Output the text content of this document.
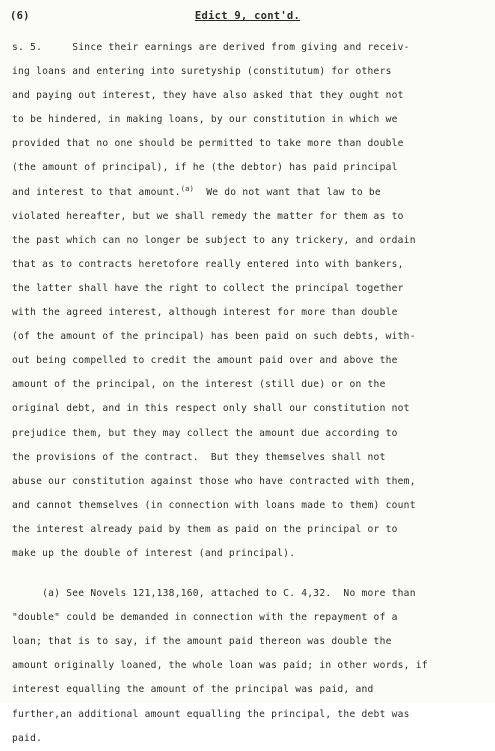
(6)	Edict 9, cont'd.
s. 5.     Since their earnings are derived from giving and receiv-
ing loans and entering into suretyship (constitutum) for others
and paying out interest, they have also asked that they ought not
to be hindered, in making loans, by our constitution in which we
provided that no one should be permitted to take more than double
(the amount of principal), if he (the debtor) has paid principal
and interest to that amount.$^{(a)}$  We do not want that law to be
violated hereafter, but we shall remedy the matter for them as to
the past which can no longer be subject to any trickery, and ordain
that as to contracts heretofore really entered into with bankers,
the latter shall have the right to collect the principal together
with the agreed interest, although interest for more than double
(of the amount of the principal) has been paid on such debts, with-
out being compelled to credit the amount paid over and above the
amount of the principal, on the interest (still due) or on the
original debt, and in this respect only shall our constitution not
prejudice them, but they may collect the amount due according to
the provisions of the contract.  But they themselves shall not
abuse our constitution against those who have contracted with them,
and cannot themselves (in connection with loans made to them) count
the interest already paid by them as paid on the principal or to
make up the double of interest (and principal).
(a) See Novels 121,138,160, attached to C. 4,32.  No more than
"double" could be demanded in connection with the repayment of a
loan; that is to say, if the amount paid thereon was double the
amount originally loaned, the whole loan was paid; in other words, if
interest equalling the amount of the principal was paid, and
further,an additional amount equalling the principal, the debt was
paid.
